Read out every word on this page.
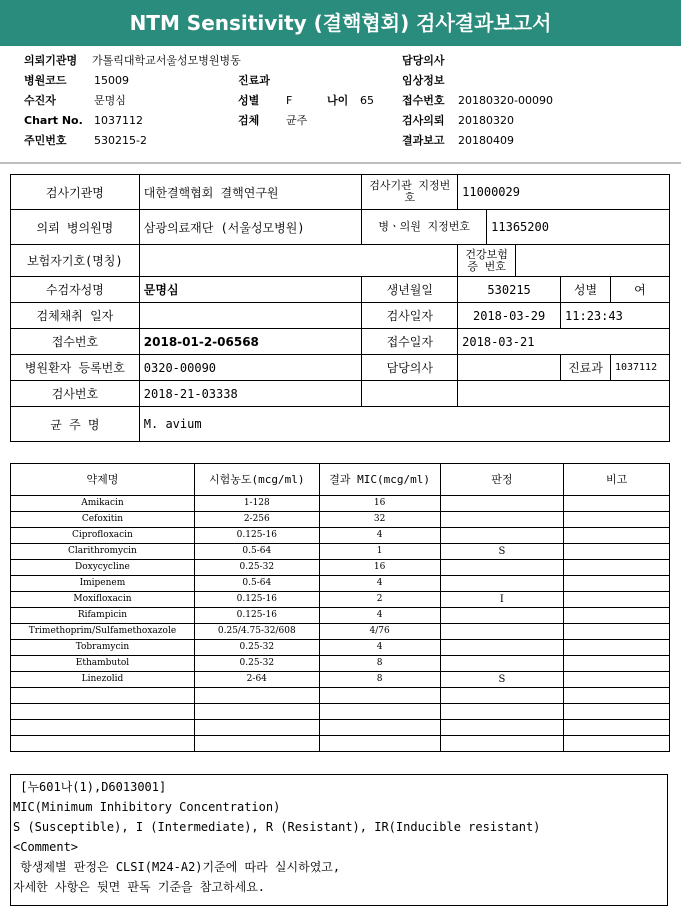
NTM Sensitivity (결핵협회) 검사결과보고서
의뢰기관명 가톨릭대학교서울성모병원병동	담당의사
병원코드 15009	진료과	임상정보
수진자	문명심	성별 F	나이 65	접수번호 20180320-00090
Chart No. 1037112	검체 균주	검사의뢰 20180320
주민번호 530215-2	결과보고 20180409
검사기관명	대한결핵협회 결핵연구원	검사기관 지정번호	11000029				
의뢰 병의원명	삼광의료재단 (서울성모병원)	병ㆍ의원 지정번호		11365200			
보험자기호(명칭)			건강보험증 번호				
수검자성명	문명심	생년월일	530215			성별	여
검체채취 일자		검사일자	2018-03-29			11:23:43	
접수번호	2018-01-2-06568	접수일자	2018-03-21				
병원환자 등록번호	0320-00090	담당의사				진료과	1037112
검사번호	2018-21-03338						
균 주 명	M. avium						
약제명	시험농도(mcg/ml)	결과 MIC(mcg/ml)	판정	비고
Amikacin	1-128	16		
Cefoxitin	2-256	32		
Ciprofloxacin	0.125-16	4		
Clarithromycin	0.5-64	1	S	
Doxycycline	0.25-32	16		
Imipenem	0.5-64	4		
Moxifloxacin	0.125-16	2	I	
Rifampicin	0.125-16	4		
Trimethoprim/Sulfamethoxazole	0.25/4.75-32/608	4/76		
Tobramycin	0.25-32	4		
Ethambutol	0.25-32	8		
Linezolid	2-64	8	S	

[누601나(1),D6013001]
MIC(Minimum Inhibitory Concentration)
S (Susceptible), I (Intermediate), R (Resistant), IR(Inducible resistant)
<Comment>
항생제별 판정은 CLSI(M24-A2)기준에 따라 실시하였고,
자세한 사항은 뒷면 판독 기준을 참고하세요.
